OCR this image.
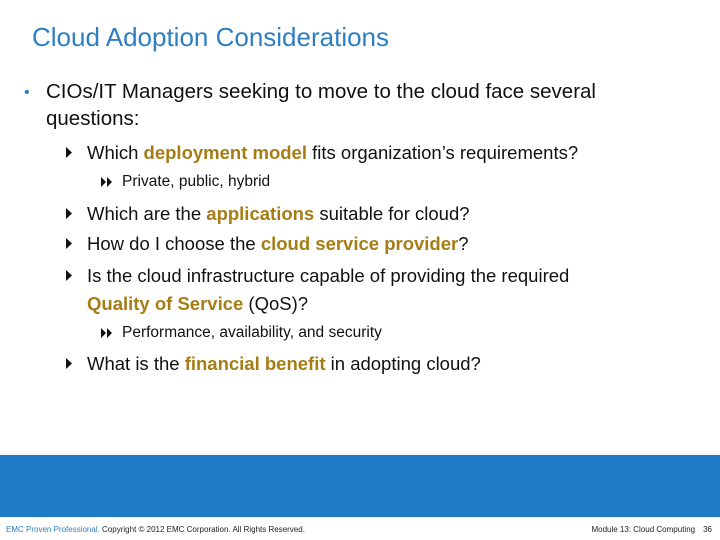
Cloud Adoption Considerations
• CIOs/IT Managers seeking to move to the cloud face several questions:
Which deployment model fits organization’s requirements?
Private, public, hybrid
Which are the applications suitable for cloud?
How do I choose the cloud service provider?
Is the cloud infrastructure capable of providing the required
Quality of Service (QoS)?
Performance, availability, and security
What is the financial benefit in adopting cloud?
EMC Proven Professional. Copyright © 2012 EMC Corporation. All Rights Reserved.	Module 13: Cloud Computing 36
